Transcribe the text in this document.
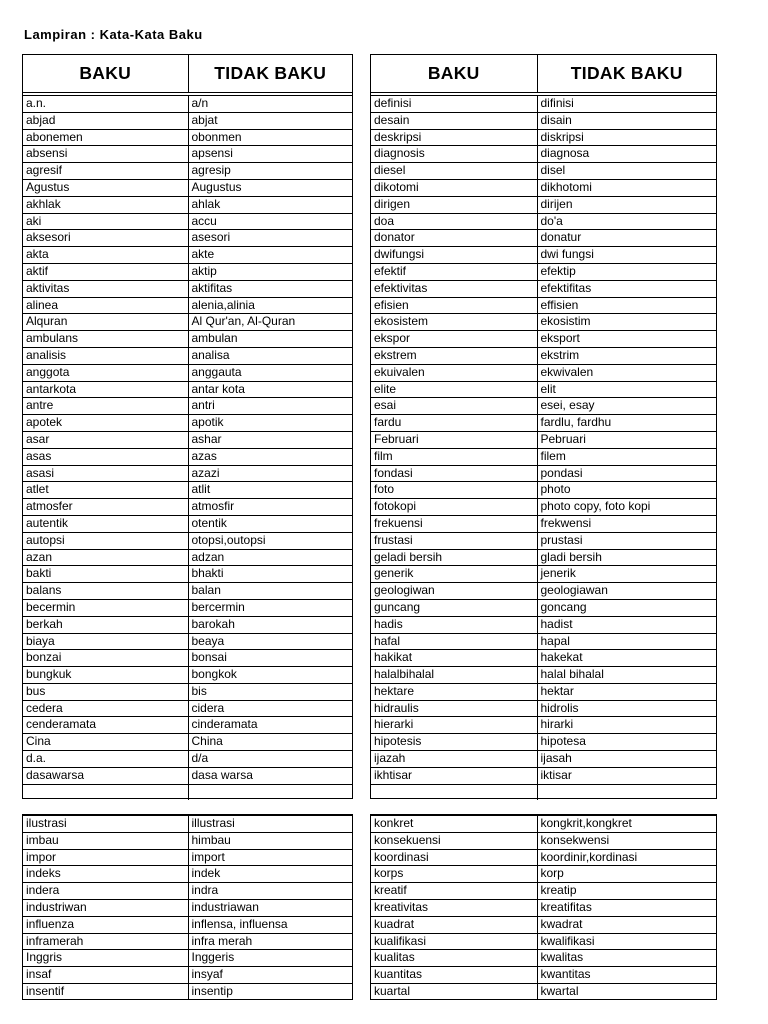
Lampiran : Kata-Kata Baku
BAKU	TIDAK BAKU

a.n.	a/n
abjad	abjat
abonemen	obonmen
absensi	apsensi
agresif	agresip
Agustus	Augustus
akhlak	ahlak
aki	accu
aksesori	asesori
akta	akte
aktif	aktip
aktivitas	aktifitas
alinea	alenia,alinia
Alquran	Al Qur'an, Al-Quran
ambulans	ambulan
analisis	analisa
anggota	anggauta
antarkota	antar kota
antre	antri
apotek	apotik
asar	ashar
asas	azas
asasi	azazi
atlet	atlit
atmosfer	atmosfir
autentik	otentik
autopsi	otopsi,outopsi
azan	adzan
bakti	bhakti
balans	balan
becermin	bercermin
berkah	barokah
biaya	beaya
bonzai	bonsai
bungkuk	bongkok
bus	bis
cedera	cidera
cenderamata	cinderamata
Cina	China
d.a.	d/a
dasawarsa	dasa warsa

BAKU	TIDAK BAKU

definisi	difinisi
desain	disain
deskripsi	diskripsi
diagnosis	diagnosa
diesel	disel
dikotomi	dikhotomi
dirigen	dirijen
doa	do'a
donator	donatur
dwifungsi	dwi fungsi
efektif	efektip
efektivitas	efektifitas
efisien	effisien
ekosistem	ekosistim
ekspor	eksport
ekstrem	ekstrim
ekuivalen	ekwivalen
elite	elit
esai	esei, esay
fardu	fardlu, fardhu
Februari	Pebruari
film	filem
fondasi	pondasi
foto	photo
fotokopi	photo copy, foto kopi
frekuensi	frekwensi
frustasi	prustasi
geladi bersih	gladi bersih
generik	jenerik
geologiwan	geologiawan
guncang	goncang
hadis	hadist
hafal	hapal
hakikat	hakekat
halalbihalal	halal bihalal
hektare	hektar
hidraulis	hidrolis
hierarki	hirarki
hipotesis	hipotesa
ijazah	ijasah
ikhtisar	iktisar

ilustrasi	illustrasi
imbau	himbau
impor	import
indeks	indek
indera	indra
industriwan	industriawan
influenza	inflensa, influensa
inframerah	infra merah
Inggris	Inggeris
insaf	insyaf
insentif	insentip
konkret	kongkrit,kongkret
konsekuensi	konsekwensi
koordinasi	koordinir,kordinasi
korps	korp
kreatif	kreatip
kreativitas	kreatifitas
kuadrat	kwadrat
kualifikasi	kwalifikasi
kualitas	kwalitas
kuantitas	kwantitas
kuartal	kwartal
